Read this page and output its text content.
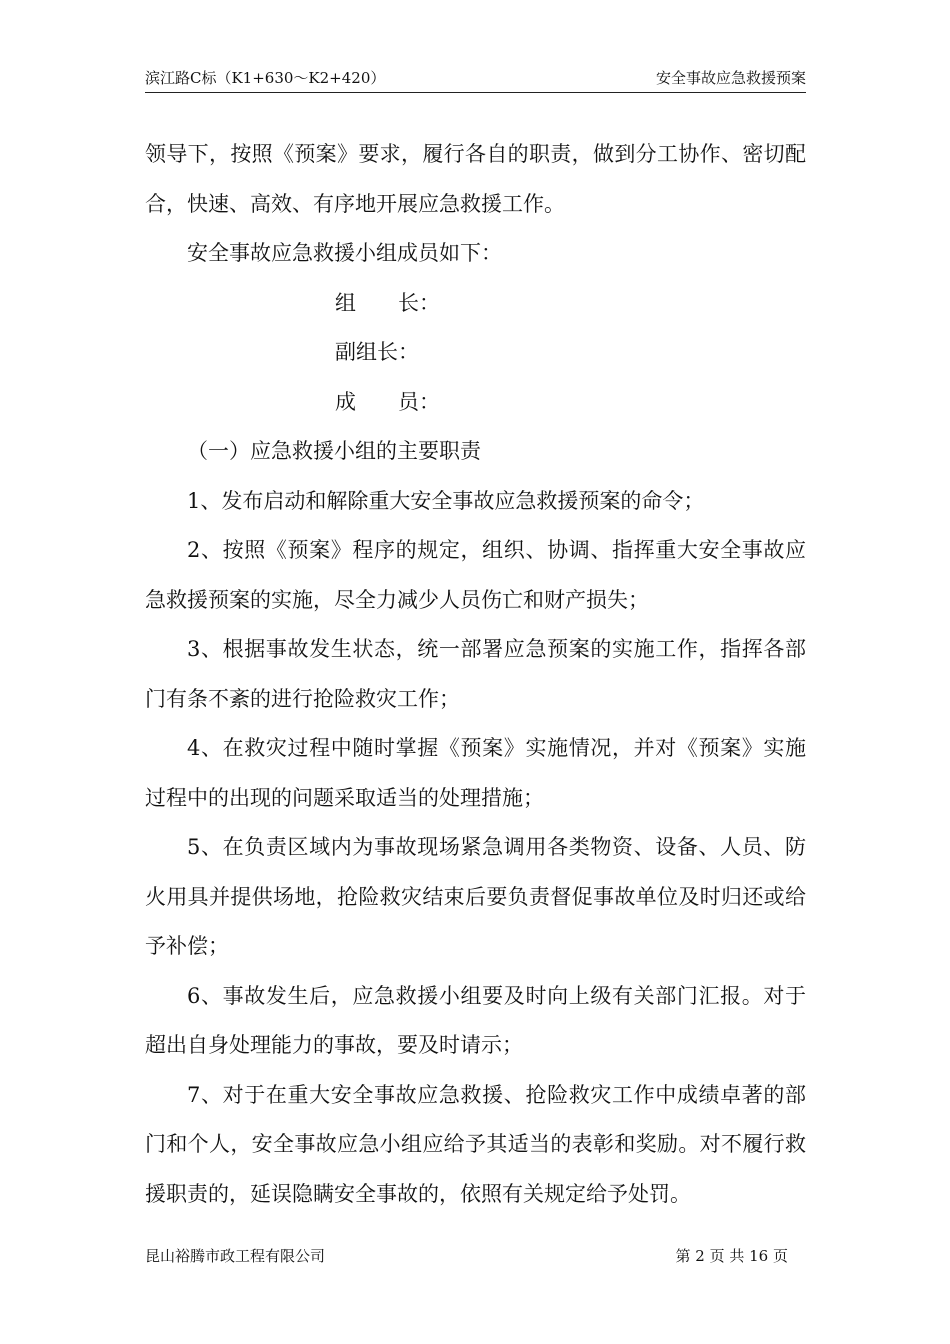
滨江路C标（K1+630～K2+420）	安全事故应急救援预案

领导下，按照《预案》要求，履行各自的职责，做到分工协作、密切配合，快速、高效、有序地开展应急救援工作。

安全事故应急救援小组成员如下：

组　　长：

副组长：

成　　员：

（一）应急救援小组的主要职责

1、发布启动和解除重大安全事故应急救援预案的命令；

2、按照《预案》程序的规定，组织、协调、指挥重大安全事故应急救援预案的实施，尽全力减少人员伤亡和财产损失；

3、根据事故发生状态，统一部署应急预案的实施工作，指挥各部门有条不紊的进行抢险救灾工作；

4、在救灾过程中随时掌握《预案》实施情况，并对《预案》实施过程中的出现的问题采取适当的处理措施；

5、在负责区域内为事故现场紧急调用各类物资、设备、人员、防火用具并提供场地，抢险救灾结束后要负责督促事故单位及时归还或给予补偿；

6、事故发生后，应急救援小组要及时向上级有关部门汇报。对于超出自身处理能力的事故，要及时请示；

7、对于在重大安全事故应急救援、抢险救灾工作中成绩卓著的部门和个人，安全事故应急小组应给予其适当的表彰和奖励。对不履行救援职责的，延误隐瞒安全事故的，依照有关规定给予处罚。

昆山裕腾市政工程有限公司	第 2 页 共 16 页
